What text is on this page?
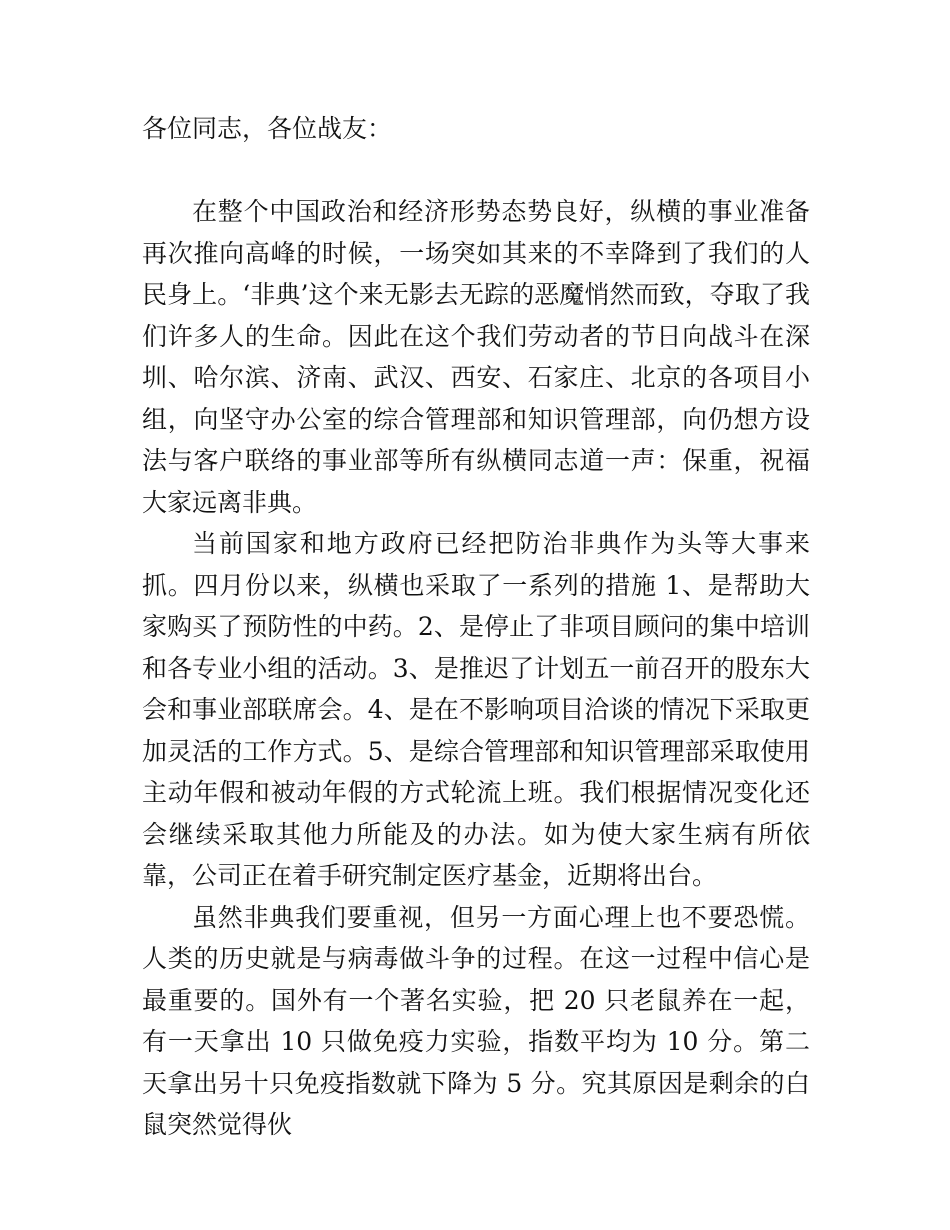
各位同志，各位战友：

在整个中国政治和经济形势态势良好，纵横的事业准备再次推向高峰的时候，一场突如其来的不幸降到了我们的人民身上。‘非典’这个来无影去无踪的恶魔悄然而致，夺取了我们许多人的生命。因此在这个我们劳动者的节日向战斗在深圳、哈尔滨、济南、武汉、西安、石家庄、北京的各项目小组，向坚守办公室的综合管理部和知识管理部，向仍想方设法与客户联络的事业部等所有纵横同志道一声：保重，祝福大家远离非典。

当前国家和地方政府已经把防治非典作为头等大事来抓。四月份以来，纵横也采取了一系列的措施 1、是帮助大家购买了预防性的中药。2、是停止了非项目顾问的集中培训和各专业小组的活动。3、是推迟了计划五一前召开的股东大会和事业部联席会。4、是在不影响项目洽谈的情况下采取更加灵活的工作方式。5、是综合管理部和知识管理部采取使用主动年假和被动年假的方式轮流上班。我们根据情况变化还会继续采取其他力所能及的办法。如为使大家生病有所依靠，公司正在着手研究制定医疗基金，近期将出台。

虽然非典我们要重视，但另一方面心理上也不要恐慌。人类的历史就是与病毒做斗争的过程。在这一过程中信心是最重要的。国外有一个著名实验，把 20 只老鼠养在一起，有一天拿出 10 只做免疫力实验，指数平均为 10 分。第二天拿出另十只免疫指数就下降为 5 分。究其原因是剩余的白鼠突然觉得伙
